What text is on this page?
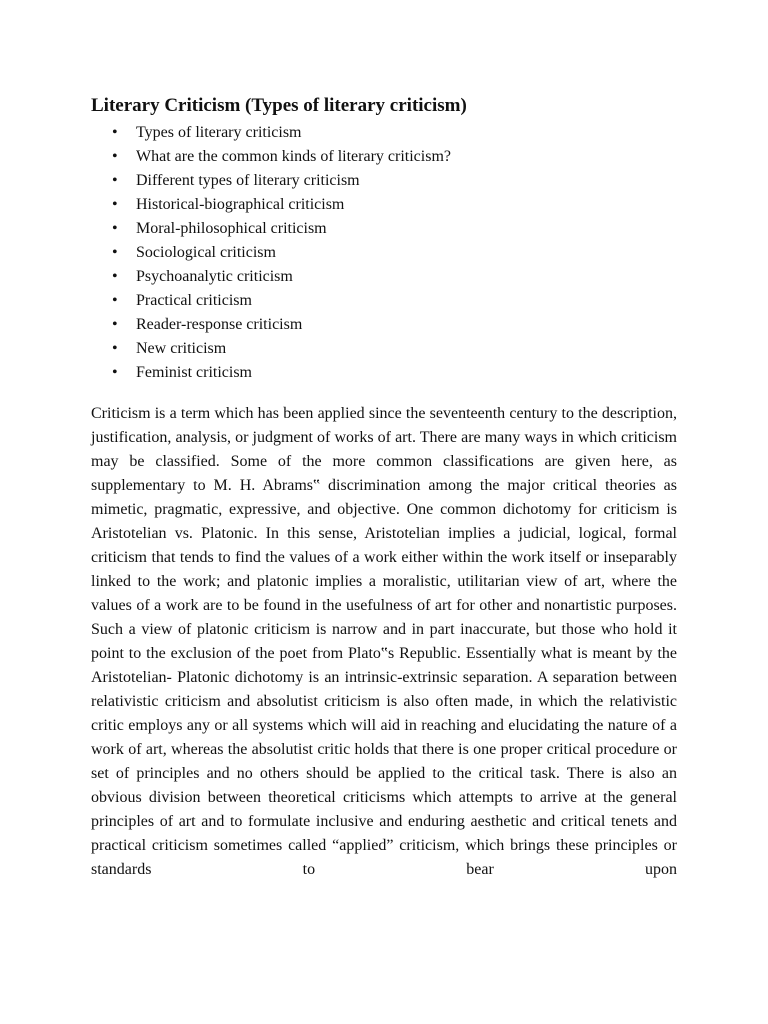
Literary Criticism (Types of literary criticism)
• Types of literary criticism
• What are the common kinds of literary criticism?
• Different types of literary criticism
• Historical-biographical criticism
• Moral-philosophical criticism
• Sociological criticism
• Psychoanalytic criticism
• Practical criticism
• Reader-response criticism
• New criticism
• Feminist criticism

Criticism is a term which has been applied since the seventeenth century to the description, justification, analysis, or judgment of works of art. There are many ways in which criticism may be classified. Some of the more common classifications are given here, as supplementary to M. H. Abrams‟ discrimination among the major critical theories as mimetic, pragmatic, expressive, and objective. One common dichotomy for criticism is Aristotelian vs. Platonic. In this sense, Aristotelian implies a judicial, logical, formal criticism that tends to find the values of a work either within the work itself or inseparably linked to the work; and platonic implies a moralistic, utilitarian view of art, where the values of a work are to be found in the usefulness of art for other and nonartistic purposes. Such a view of platonic criticism is narrow and in part inaccurate, but those who hold it point to the exclusion of the poet from Plato‟s Republic. Essentially what is meant by the Aristotelian- Platonic dichotomy is an intrinsic-extrinsic separation. A separation between relativistic criticism and absolutist criticism is also often made, in which the relativistic critic employs any or all systems which will aid in reaching and elucidating the nature of a work of art, whereas the absolutist critic holds that there is one proper critical procedure or set of principles and no others should be applied to the critical task. There is also an obvious division between theoretical criticisms which attempts to arrive at the general principles of art and to formulate inclusive and enduring aesthetic and critical tenets and practical criticism sometimes called “applied” criticism, which brings these principles or standards to bear upon
